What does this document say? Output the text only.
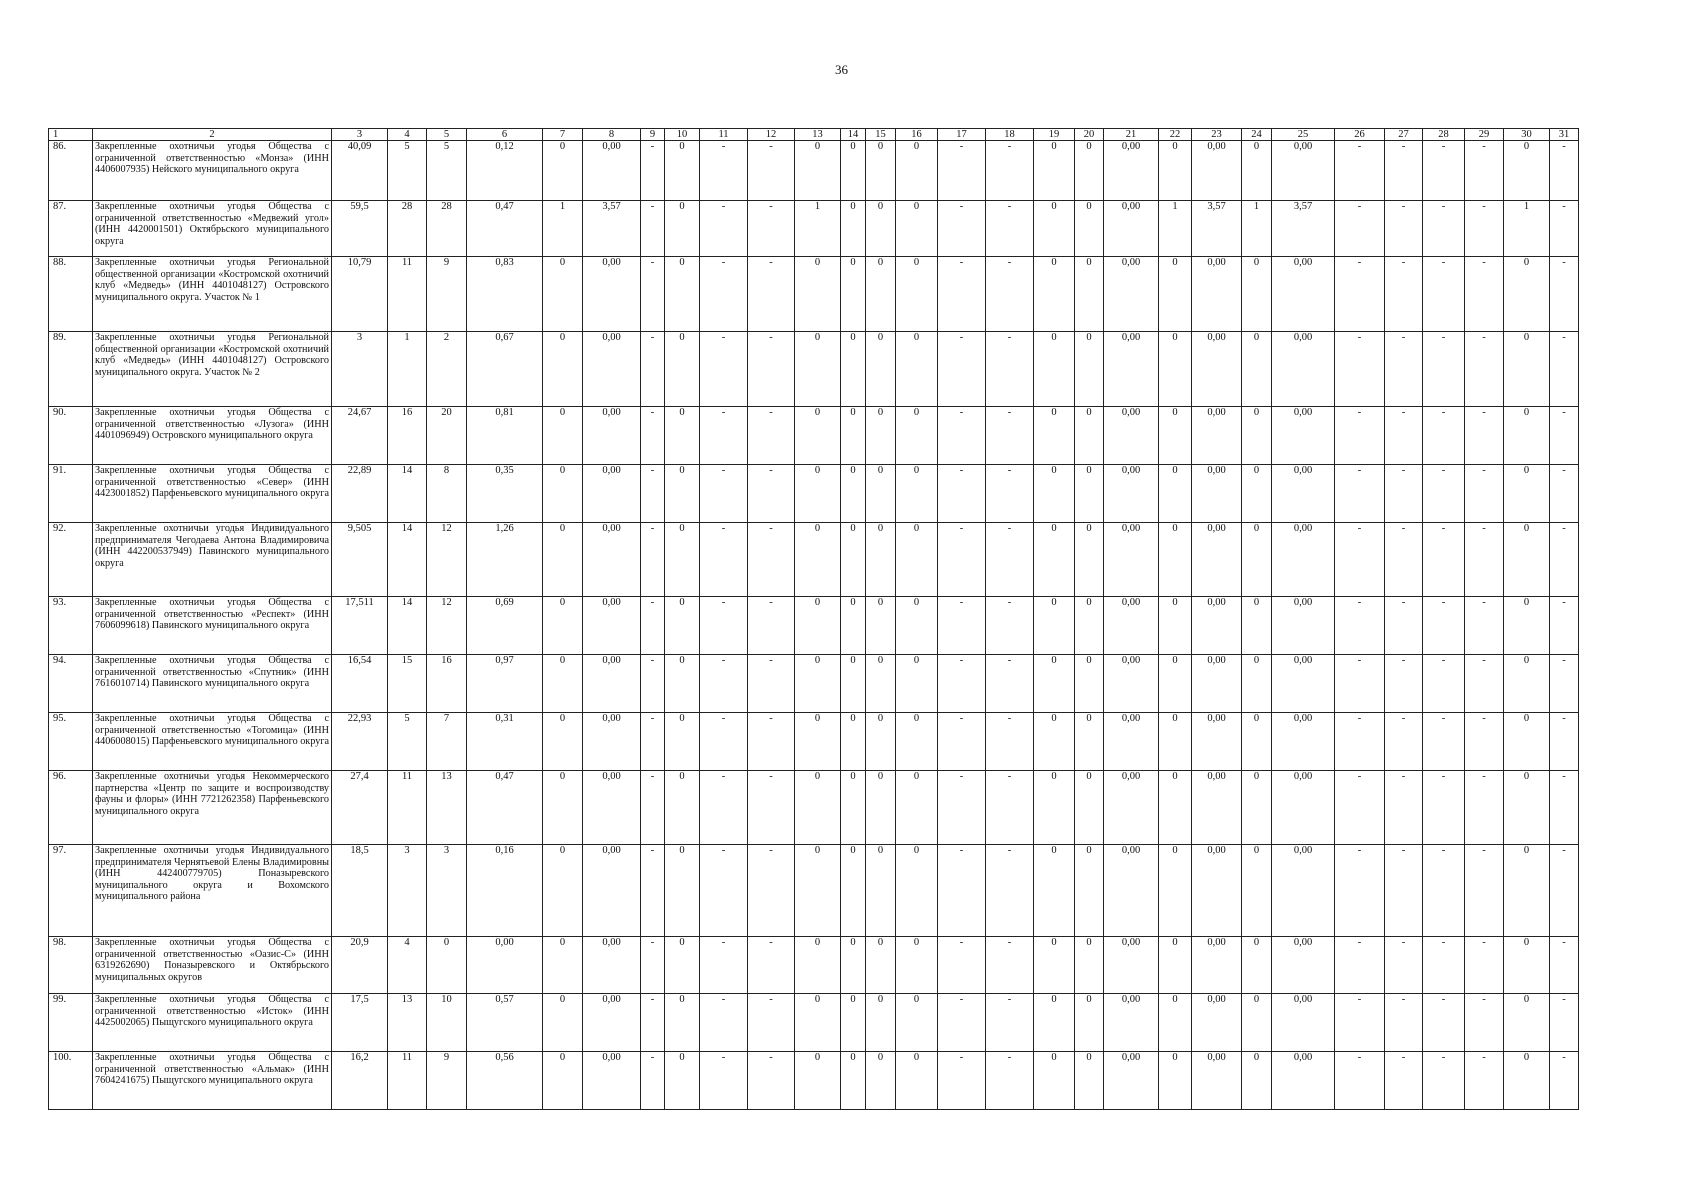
36
1	2	3	4	5	6	7	8	9	10	11	12	13	14	15	16	17	18	19	20	21	22	23	24	25	26	27	28	29	30	31
86.	Закрепленные охотничьи угодья Общества с ограниченной ответственностью «Монза» (ИНН 4406007935) Нейского муниципального округа	40,09	5	5	0,12	0	0,00	-	0	-	-	0	0	0	0	-	-	0	0	0,00	0	0,00	0	0,00	-	-	-	-	0	-
87.	Закрепленные охотничьи угодья Общества с ограниченной ответственностью «Медвежий угол» (ИНН 4420001501) Октябрьского муниципального округа	59,5	28	28	0,47	1	3,57	-	0	-	-	1	0	0	0	-	-	0	0	0,00	1	3,57	1	3,57	-	-	-	-	1	-
88.	Закрепленные охотничьи угодья Региональной общественной организации «Костромской охотничий клуб «Медведь» (ИНН 4401048127) Островского муниципального округа. Участок № 1	10,79	11	9	0,83	0	0,00	-	0	-	-	0	0	0	0	-	-	0	0	0,00	0	0,00	0	0,00	-	-	-	-	0	-
89.	Закрепленные охотничьи угодья Региональной общественной организации «Костромской охотничий клуб «Медведь» (ИНН 4401048127) Островского муниципального округа. Участок № 2	3	1	2	0,67	0	0,00	-	0	-	-	0	0	0	0	-	-	0	0	0,00	0	0,00	0	0,00	-	-	-	-	0	-
90.	Закрепленные охотничьи угодья Общества с ограниченной ответственностью «Лузога» (ИНН 4401096949) Островского муниципального округа	24,67	16	20	0,81	0	0,00	-	0	-	-	0	0	0	0	-	-	0	0	0,00	0	0,00	0	0,00	-	-	-	-	0	-
91.	Закрепленные охотничьи угодья Общества с ограниченной ответственностью «Север» (ИНН 4423001852) Парфеньевского муниципального округа	22,89	14	8	0,35	0	0,00	-	0	-	-	0	0	0	0	-	-	0	0	0,00	0	0,00	0	0,00	-	-	-	-	0	-
92.	Закрепленные охотничьи угодья Индивидуального предпринимателя Чегодаева Антона Владимировича (ИНН 442200537949) Павинского муниципального округа	9,505	14	12	1,26	0	0,00	-	0	-	-	0	0	0	0	-	-	0	0	0,00	0	0,00	0	0,00	-	-	-	-	0	-
93.	Закрепленные охотничьи угодья Общества с ограниченной ответственностью «Респект» (ИНН 7606099618) Павинского муниципального округа	17,511	14	12	0,69	0	0,00	-	0	-	-	0	0	0	0	-	-	0	0	0,00	0	0,00	0	0,00	-	-	-	-	0	-
94.	Закрепленные охотничьи угодья Общества с ограниченной ответственностью «Спутник» (ИНН 7616010714) Павинского муниципального округа	16,54	15	16	0,97	0	0,00	-	0	-	-	0	0	0	0	-	-	0	0	0,00	0	0,00	0	0,00	-	-	-	-	0	-
95.	Закрепленные охотничьи угодья Общества с ограниченной ответственностью «Тогомица» (ИНН 4406008015) Парфеньевского муниципального округа	22,93	5	7	0,31	0	0,00	-	0	-	-	0	0	0	0	-	-	0	0	0,00	0	0,00	0	0,00	-	-	-	-	0	-
96.	Закрепленные охотничьи угодья Некоммерческого партнерства «Центр по защите и воспроизводству фауны и флоры» (ИНН 7721262358) Парфеньевского муниципального округа	27,4	11	13	0,47	0	0,00	-	0	-	-	0	0	0	0	-	-	0	0	0,00	0	0,00	0	0,00	-	-	-	-	0	-
97.	Закрепленные охотничьи угодья Индивидуального предпринимателя Чернятьевой Елены Владимировны (ИНН 442400779705) Поназыревского муниципального округа и Вохомского муниципального района	18,5	3	3	0,16	0	0,00	-	0	-	-	0	0	0	0	-	-	0	0	0,00	0	0,00	0	0,00	-	-	-	-	0	-
98.	Закрепленные охотничьи угодья Общества с ограниченной ответственностью «Оазис-С» (ИНН 6319262690) Поназыревского и Октябрьского муниципальных округов	20,9	4	0	0,00	0	0,00	-	0	-	-	0	0	0	0	-	-	0	0	0,00	0	0,00	0	0,00	-	-	-	-	0	-
99.	Закрепленные охотничьи угодья Общества с ограниченной ответственностью «Исток» (ИНН 4425002065) Пыщугского муниципального округа	17,5	13	10	0,57	0	0,00	-	0	-	-	0	0	0	0	-	-	0	0	0,00	0	0,00	0	0,00	-	-	-	-	0	-
100.	Закрепленные охотничьи угодья Общества с ограниченной ответственностью «Альмак» (ИНН 7604241675) Пыщугского муниципального округа	16,2	11	9	0,56	0	0,00	-	0	-	-	0	0	0	0	-	-	0	0	0,00	0	0,00	0	0,00	-	-	-	-	0	-
